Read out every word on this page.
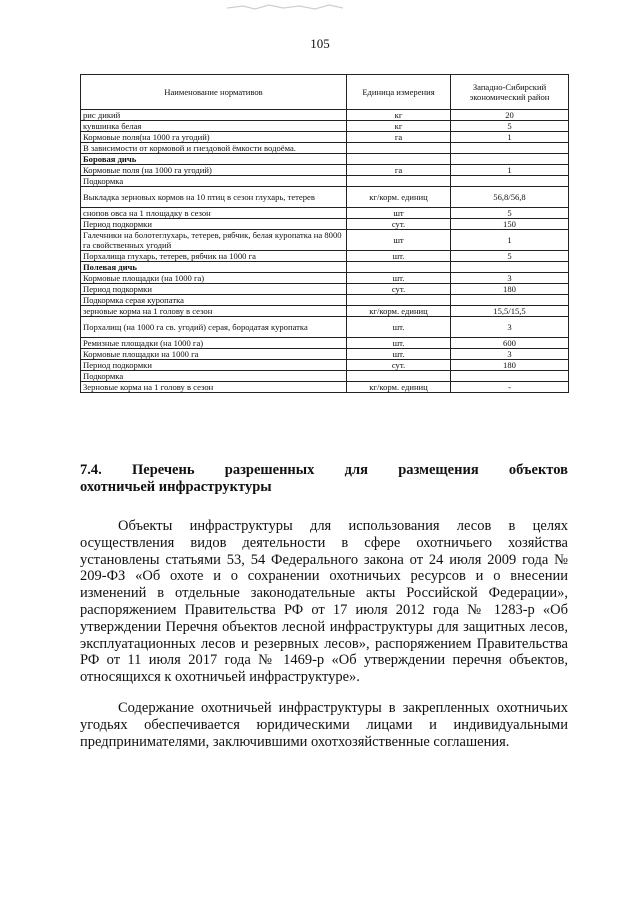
105
Наименование нормативов	Единица измерения	Западно-Сибирский экономический район
рис дикий	кг	20
кувшинка белая	кг	5
Кормовые поля(на 1000 га угодий)	га	1
В зависимости от кормовой и гнездовой ёмкости водоёма.		
Боровая дичь		
Кормовые поля (на 1000 га угодий)	га	1
Подкормка		
Выкладка зерновых кормов на 10 птиц в сезон глухарь, тетерев	кг/корм. единиц	56,8/56,8
снопов овса на 1 площадку в сезон	шт	5
Период подкормки	сут.	150
Галечники на болотеглухарь, тетерев, рябчик, белая куропатка на 8000 га свойственных угодий	шт	1
Порхалища глухарь, тетерев, рябчик на 1000 га	шт.	5
Полевая дичь		
Кормовые площадки (на 1000 га)	шт.	3
Период подкормки	сут.	180
Подкормка серая куропатка		
зерновые корма на 1 голову в сезон	кг/корм. единиц	15,5/15,5
Порхалищ (на 1000 га св. угодий) серая, бородатая куропатка	шт.	3
Ремизные площадки (на 1000 га)	шт.	600
Кормовые площадки на 1000 га	шт.	3
Период подкормки	сут.	180
Подкормка		
Зерновые корма на 1 голову в сезон	кг/корм. единиц	-
7.4. Перечень разрешенных для размещения объектов
охотничьей инфраструктуры

Объекты инфраструктуры для использования лесов в целях осуществления видов деятельности в сфере охотничьего хозяйства установлены статьями 53, 54 Федерального закона от 24 июля 2009 года № 209-ФЗ «Об охоте и о сохранении охотничьих ресурсов и о внесении изменений в отдельные законодательные акты Российской Федерации», распоряжением Правительства РФ от 17 июля 2012 года № 1283-р «Об утверждении Перечня объектов лесной инфраструктуры для защитных лесов, эксплуатационных лесов и резервных лесов», распоряжением Правительства РФ от 11 июля 2017 года № 1469-р «Об утверждении перечня объектов, относящихся к охотничьей инфраструктуре».

Содержание охотничьей инфраструктуры в закрепленных охотничьих угодьях обеспечивается юридическими лицами и индивидуальными предпринимателями, заключившими охотхозяйственные соглашения.
